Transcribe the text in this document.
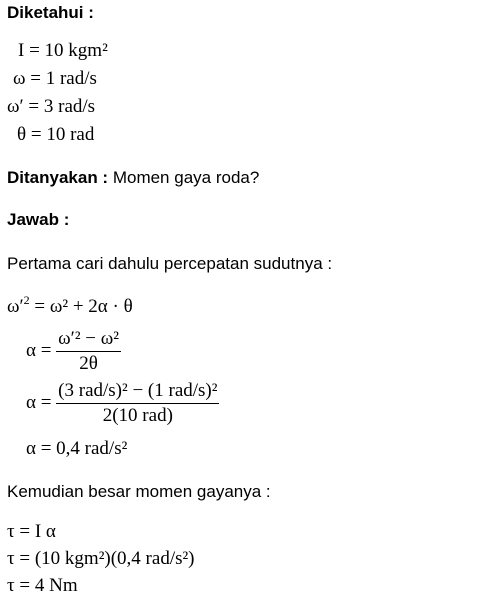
Diketahui :
I = 10 kgm²
ω = 1 rad/s
ω′ = 3 rad/s
θ = 10 rad
Ditanyakan : Momen gaya roda?
Jawab :
Pertama cari dahulu percepatan sudutnya :
$\omega'^2 = \omega^2 + 2\alpha \cdot \theta$
$\alpha = \frac{\text{ω′² − ω²}}{2\theta}$
$\alpha = \frac{\text{(3 rad/s)² − (1 rad/s)²}}{\text{2(10 rad)}}$
α = 0,4 rad/s²
Kemudian besar momen gayanya :
τ = I α
τ = (10 kgm²)(0,4 rad/s²)
τ = 4 Nm
